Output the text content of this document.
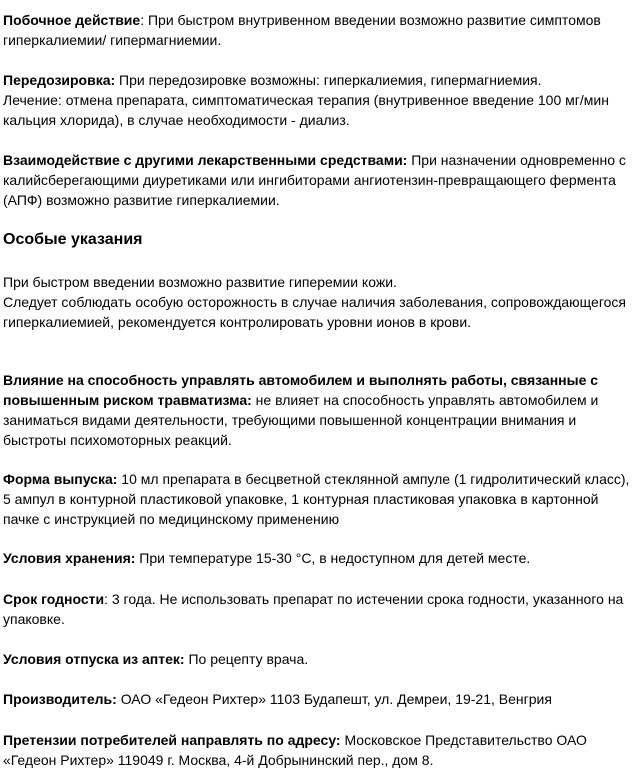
Побочное действие: При быстром внутривенном введении возможно развитие симптомов гиперкалиемии/ гипермагниемии.

Передозировка: При передозировке возможны: гиперкалиемия, гипермагниемия.
Лечение: отмена препарата, симптоматическая терапия (внутривенное введение 100 мг/мин кальция хлорида), в случае необходимости - диализ.

Взаимодействие с другими лекарственными средствами: При назначении одновременно с калийсберегающими диуретиками или ингибиторами ангиотензин-превращающего фермента (АПФ) возможно развитие гиперкалиемии.

Особые указания

При быстром введении возможно развитие гиперемии кожи.
Следует соблюдать особую осторожность в случае наличия заболевания, сопровождающегося гиперкалиемией, рекомендуется контролировать уровни ионов в крови.

Влияние на способность управлять автомобилем и выполнять работы, связанные с повышенным риском травматизма: не влияет на способность управлять автомобилем и заниматься видами деятельности, требующими повышенной концентрации внимания и быстроты психомоторных реакций.

Форма выпуска: 10 мл препарата в бесцветной стеклянной ампуле (1 гидролитический класс), 5 ампул в контурной пластиковой упаковке, 1 контурная пластиковая упаковка в картонной пачке с инструкцией по медицинскому применению

Условия хранения: При температуре 15-30 °С, в недоступном для детей месте.

Срок годности: 3 года. Не использовать препарат по истечении срока годности, указанного на упаковке.

Условия отпуска из аптек: По рецепту врача.

Производитель: ОАО «Гедеон Рихтер» 1103 Будапешт, ул. Демреи, 19-21, Венгрия

Претензии потребителей направлять по адресу: Московское Представительство ОАО «Гедеон Рихтер» 119049 г. Москва, 4-й Добрынинский пер., дом 8.
